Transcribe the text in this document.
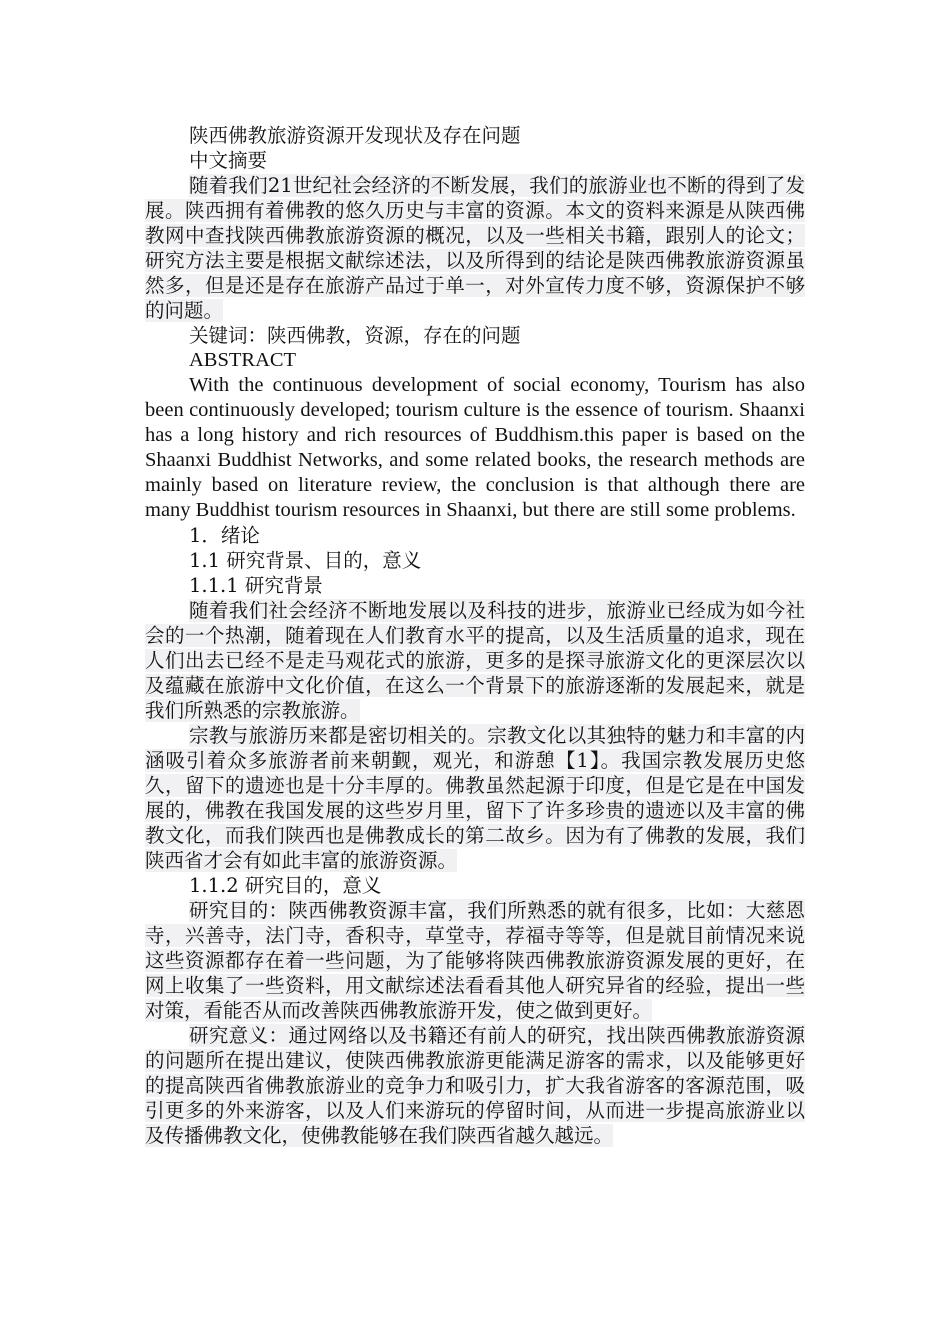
陕西佛教旅游资源开发现状及存在问题
中文摘要

随着我们21世纪社会经济的不断发展，我们的旅游业也不断的得到了发展。陕西拥有着佛教的悠久历史与丰富的资源。本文的资料来源是从陕西佛教网中查找陕西佛教旅游资源的概况，以及一些相关书籍，跟别人的论文；研究方法主要是根据文献综述法，以及所得到的结论是陕西佛教旅游资源虽然多，但是还是存在旅游产品过于单一，对外宣传力度不够，资源保护不够的问题。

关键词：陕西佛教，资源，存在的问题
ABSTRACT

With the continuous development of social economy, Tourism has also been continuously developed; tourism culture is the essence of tourism. Shaanxi has a long history and rich resources of Buddhism.this paper is based on the Shaanxi Buddhist Networks, and some related books, the research methods are mainly based on literature review, the conclusion is that although there are many Buddhist tourism resources in Shaanxi, but there are still some problems.

1．绪论
1.1 研究背景、目的，意义
1.1.1 研究背景

随着我们社会经济不断地发展以及科技的进步，旅游业已经成为如今社会的一个热潮，随着现在人们教育水平的提高，以及生活质量的追求，现在人们出去已经不是走马观花式的旅游，更多的是探寻旅游文化的更深层次以及蕴藏在旅游中文化价值，在这么一个背景下的旅游逐渐的发展起来，就是我们所熟悉的宗教旅游。

宗教与旅游历来都是密切相关的。宗教文化以其独特的魅力和丰富的内涵吸引着众多旅游者前来朝觐，观光，和游憩【1】。我国宗教发展历史悠久，留下的遗迹也是十分丰厚的。佛教虽然起源于印度，但是它是在中国发展的，佛教在我国发展的这些岁月里，留下了许多珍贵的遗迹以及丰富的佛教文化，而我们陕西也是佛教成长的第二故乡。因为有了佛教的发展，我们陕西省才会有如此丰富的旅游资源。

1.1.2 研究目的，意义

研究目的：陕西佛教资源丰富，我们所熟悉的就有很多，比如：大慈恩寺，兴善寺，法门寺，香积寺，草堂寺，荐福寺等等，但是就目前情况来说这些资源都存在着一些问题，为了能够将陕西佛教旅游资源发展的更好，在网上收集了一些资料，用文献综述法看看其他人研究异省的经验，提出一些对策，看能否从而改善陕西佛教旅游开发，使之做到更好。

研究意义：通过网络以及书籍还有前人的研究，找出陕西佛教旅游资源的问题所在提出建议，使陕西佛教旅游更能满足游客的需求，以及能够更好的提高陕西省佛教旅游业的竞争力和吸引力，扩大我省游客的客源范围，吸引更多的外来游客，以及人们来游玩的停留时间，从而进一步提高旅游业以及传播佛教文化，使佛教能够在我们陕西省越久越远。
